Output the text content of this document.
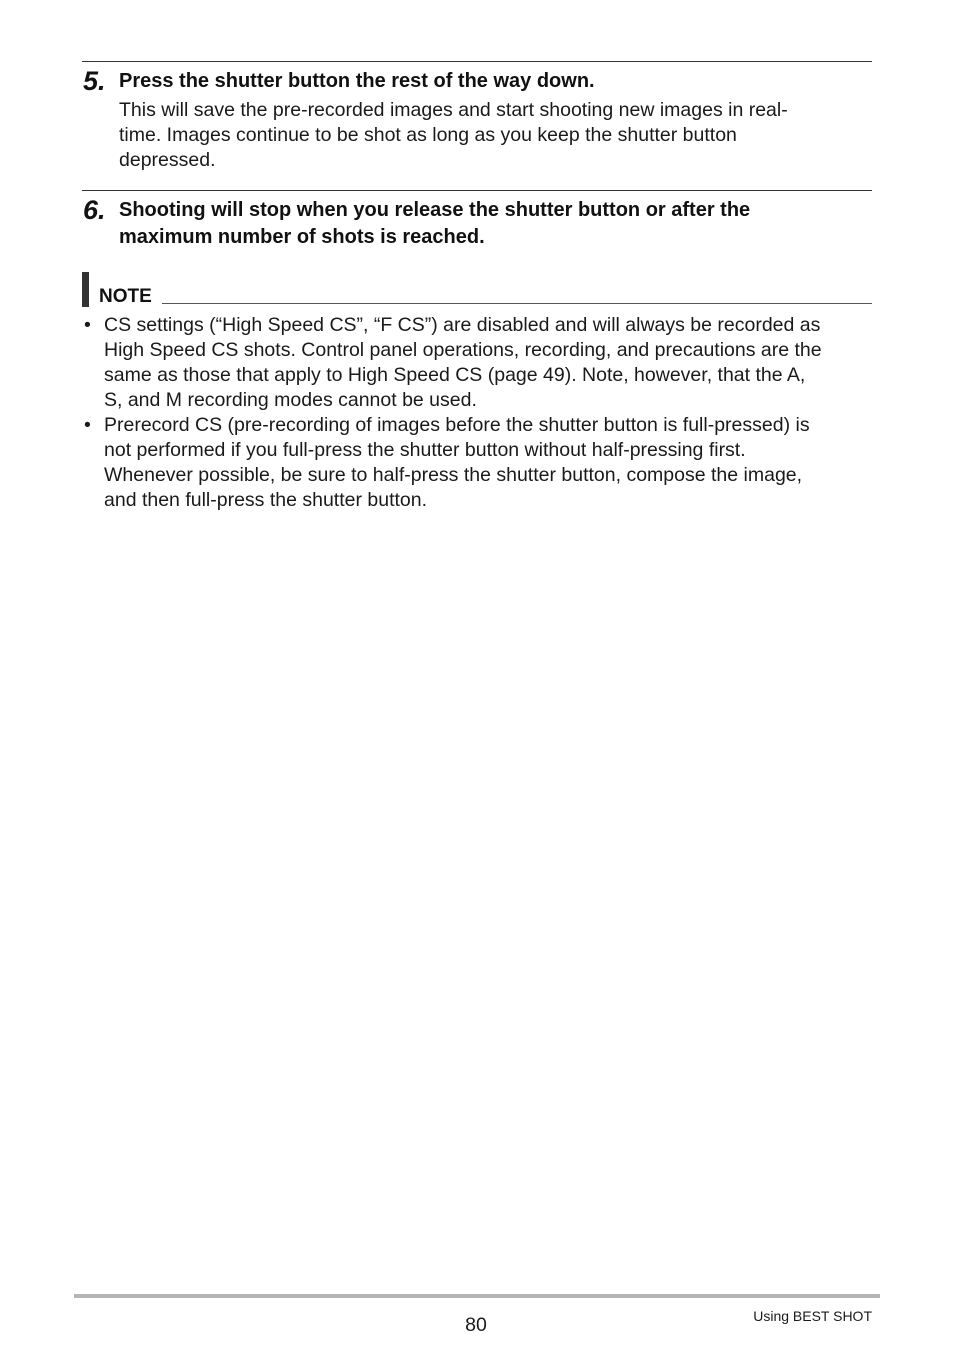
5. Press the shutter button the rest of the way down.
This will save the pre-recorded images and start shooting new images in real-
time. Images continue to be shot as long as you keep the shutter button
depressed.
6. Shooting will stop when you release the shutter button or after the
maximum number of shots is reached.
NOTE
• CS settings (“High Speed CS”, “F CS”) are disabled and will always be recorded as
High Speed CS shots. Control panel operations, recording, and precautions are the
same as those that apply to High Speed CS (page 49). Note, however, that the A,
S, and M recording modes cannot be used.
• Prerecord CS (pre-recording of images before the shutter button is full-pressed) is
not performed if you full-press the shutter button without half-pressing first.
Whenever possible, be sure to half-press the shutter button, compose the image,
and then full-press the shutter button.
80	Using BEST SHOT
